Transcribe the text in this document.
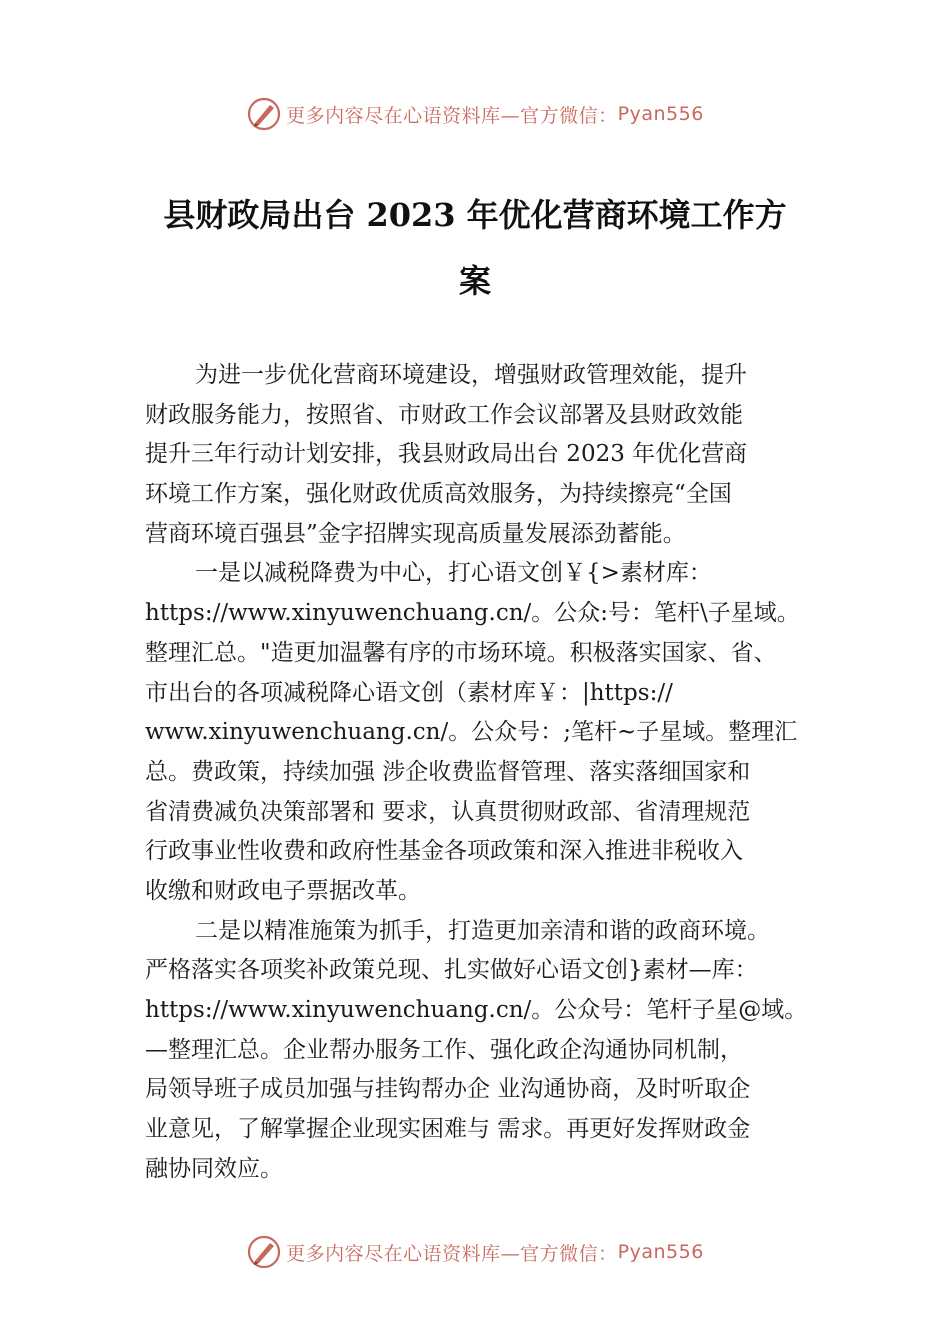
更多内容尽在心语资料库—官方微信： Pyan556
县财政局出台 2023 年优化营商环境工作方
案
为进一步优化营商环境建设，增强财政管理效能，提升
财政服务能力，按照省、市财政工作会议部署及县财政效能
提升三年行动计划安排，我县财政局出台 2023 年优化营商
环境工作方案，强化财政优质高效服务，为持续擦亮“全国
营商环境百强县”金字招牌实现高质量发展添劲蓄能。
一是以减税降费为中心，打心语文创￥{>素材库：
https://www.xinyuwenchuang.cn/。公众:号：笔杆\子星域。
整理汇总。"造更加温馨有序的市场环境。积极落实国家、省、
市出台的各项减税降心语文创（素材库￥：|https://
www.xinyuwenchuang.cn/。公众号：;笔杆~子星域。整理汇
总。费政策，持续加强 涉企收费监督管理、落实落细国家和
省清费减负决策部署和 要求，认真贯彻财政部、省清理规范
行政事业性收费和政府性基金各项政策和深入推进非税收入
收缴和财政电子票据改革。
二是以精准施策为抓手，打造更加亲清和谐的政商环境。
严格落实各项奖补政策兑现、扎实做好心语文创}素材—库：
https://www.xinyuwenchuang.cn/。公众号：笔杆子星@域。
—整理汇总。企业帮办服务工作、强化政企沟通协同机制，
局领导班子成员加强与挂钩帮办企 业沟通协商，及时听取企
业意见，了解掌握企业现实困难与 需求。再更好发挥财政金
融协同效应。
更多内容尽在心语资料库—官方微信： Pyan556
